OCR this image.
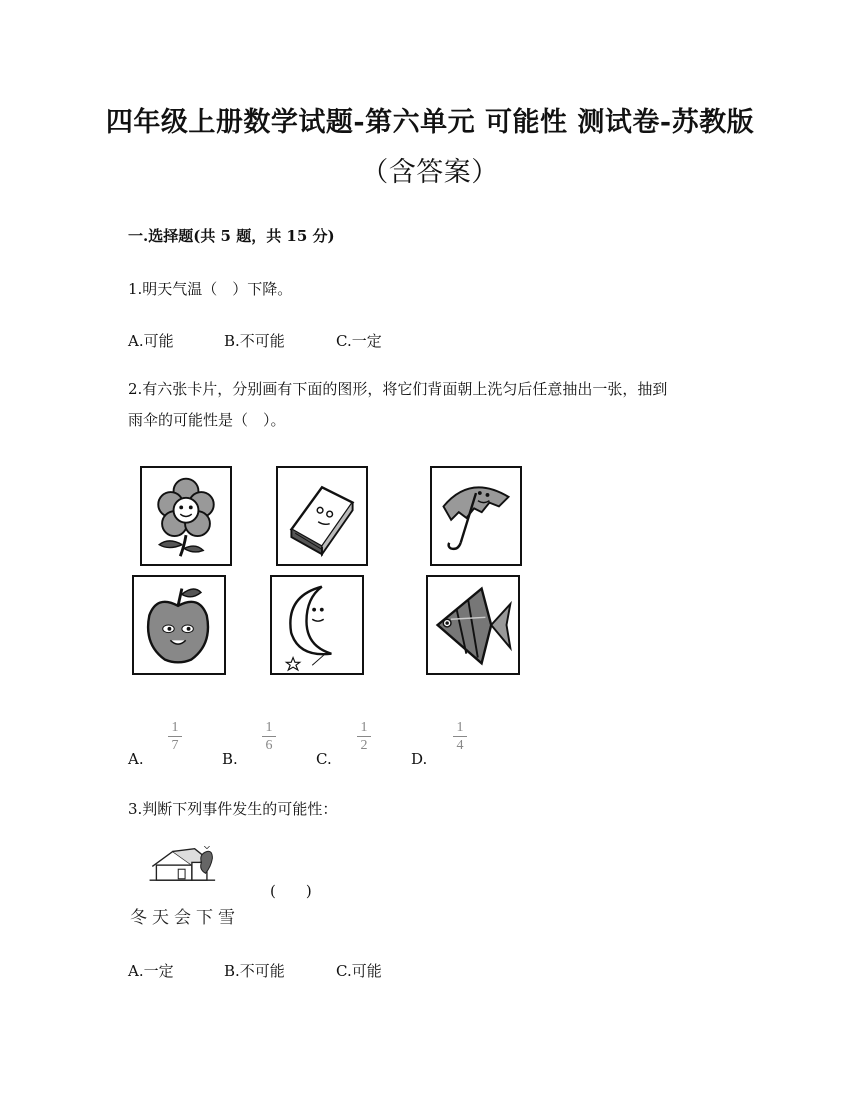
四年级上册数学试题-第六单元 可能性 测试卷-苏教版
（含答案）
一.选择题(共 5 题，共 15 分)
1.明天气温（　）下降。
A.可能	B.不可能	C.一定
2.有六张卡片，分别画有下面的图形，将它们背面朝上洗匀后任意抽出一张，抽到
雨伞的可能性是（　）。
A.
1
7
B.
1
6
C.
1
2
D.
1
4
3.判断下列事件发生的可能性：
冬天会下雪
(　　)
A.一定	B.不可能	C.可能
